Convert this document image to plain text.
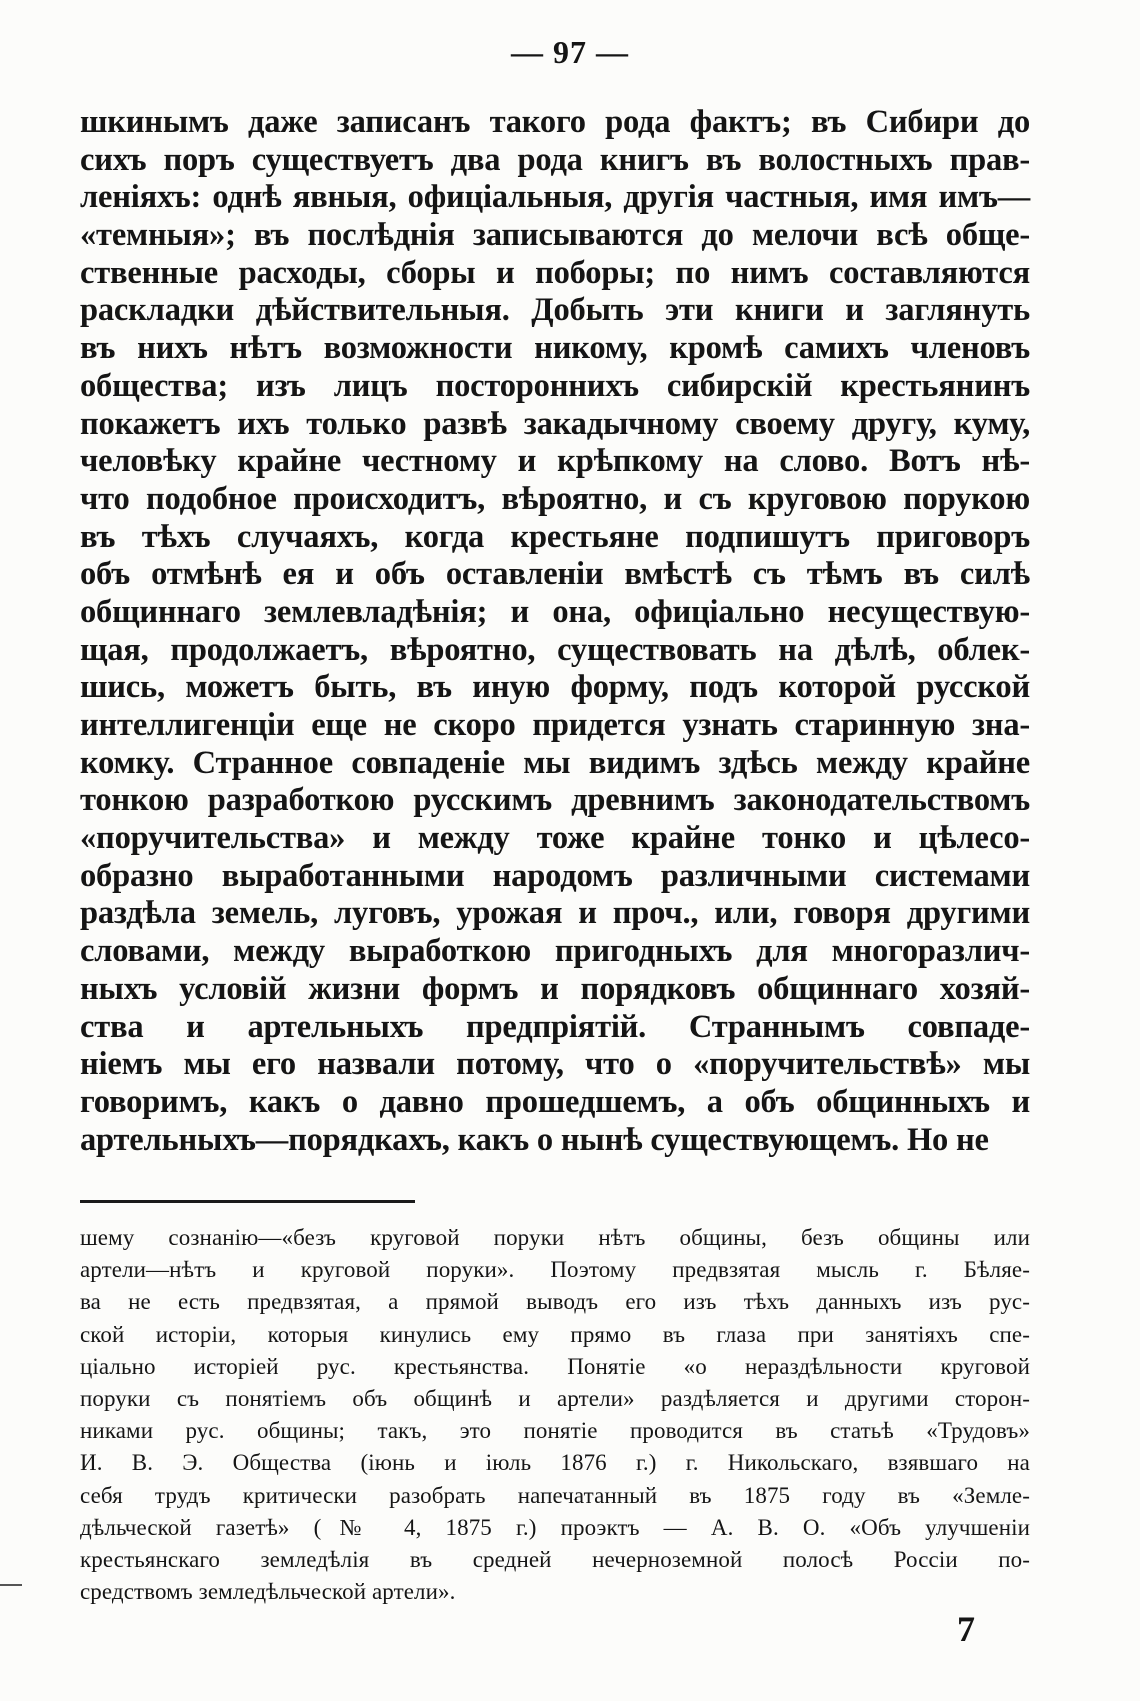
— 97 —
шкинымъ даже записанъ такого рода фактъ; въ Сибири до
сихъ поръ существуетъ два рода книгъ въ волостныхъ прав-
леніяхъ: однѣ явныя, офиціальныя, другія частныя, имя имъ—
«темныя»; въ послѣднія записываются до мелочи всѣ обще-
ственные расходы, сборы и поборы; по нимъ составляются
раскладки дѣйствительныя. Добыть эти книги и заглянуть
въ нихъ нѣтъ возможности никому, кромѣ самихъ членовъ
общества; изъ лицъ постороннихъ сибирскій крестьянинъ
покажетъ ихъ только развѣ закадычному своему другу, куму,
человѣку крайне честному и крѣпкому на слово. Вотъ нѣ-
что подобное происходитъ, вѣроятно, и съ круговою порукою
въ тѣхъ случаяхъ, когда крестьяне подпишутъ приговоръ
объ отмѣнѣ ея и объ оставленіи вмѣстѣ съ тѣмъ въ силѣ
общиннаго землевладѣнія; и она, офиціально несуществую-
щая, продолжаетъ, вѣроятно, существовать на дѣлѣ, облек-
шись, можетъ быть, въ иную форму, подъ которой русской
интеллигенціи еще не скоро придется узнать старинную зна-
комку. Странное совпаденіе мы видимъ здѣсь между крайне
тонкою разработкою русскимъ древнимъ законодательствомъ
«поручительства» и между тоже крайне тонко и цѣлесо-
образно выработанными народомъ различными системами
раздѣла земель, луговъ, урожая и проч., или, говоря другими
словами, между выработкою пригодныхъ для многоразлич-
ныхъ условій жизни формъ и порядковъ общиннаго хозяй-
ства и артельныхъ предпріятій. Страннымъ совпаде-
ніемъ мы его назвали потому, что о «поручительствѣ» мы
говоримъ, какъ о давно прошедшемъ, а объ общинныхъ и
артельныхъ—порядкахъ, какъ о нынѣ существующемъ. Но не
шему сознанію—«безъ круговой поруки нѣтъ общины, безъ общины или
артели—нѣтъ и круговой поруки». Поэтому предвзятая мысль г. Бѣляе-
ва не есть предвзятая, а прямой выводъ его изъ тѣхъ данныхъ изъ рус-
ской исторіи, которыя кинулись ему прямо въ глаза при занятіяхъ спе-
ціально исторіей рус. крестьянства. Понятіе «о нераздѣльности круговой
поруки съ понятіемъ объ общинѣ и артели» раздѣляется и другими сторон-
никами рус. общины; такъ, это понятіе проводится въ статьѣ «Трудовъ»
И. В. Э. Общества (іюнь и іюль 1876 г.) г. Никольскаго, взявшаго на
себя трудъ критически разобрать напечатанный въ 1875 году въ «Земле-
дѣльческой газетѣ» (№ 4, 1875 г.) проэктъ — А. В. О. «Объ улучшеніи
крестьянскаго земледѣлія въ средней нечерноземной полосѣ Россіи по-
средствомъ земледѣльческой артели».
7
